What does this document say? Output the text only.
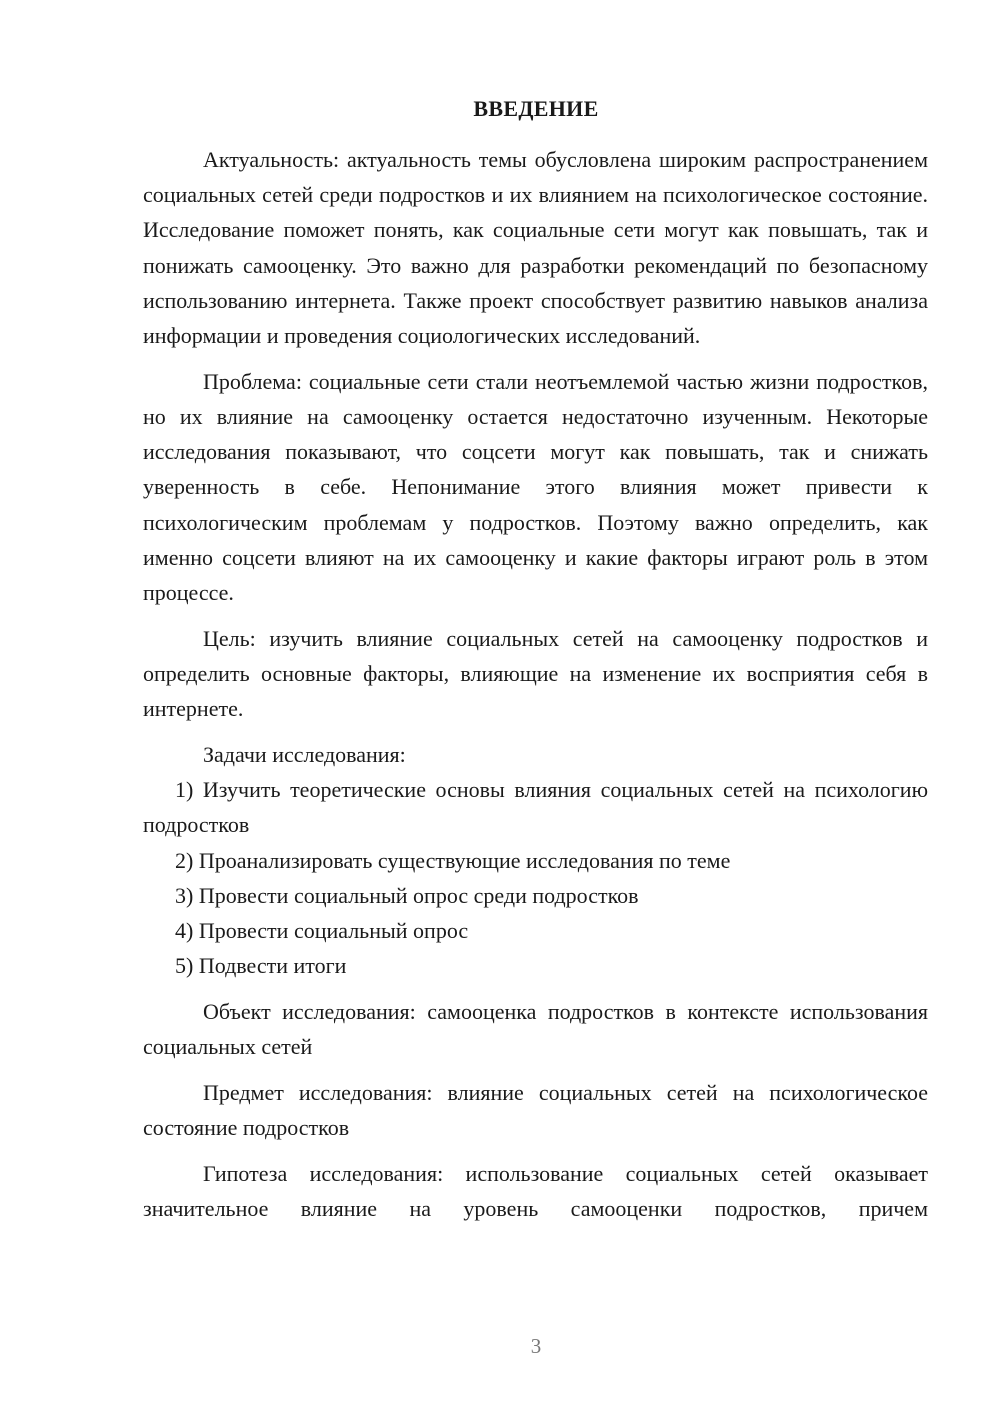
ВВЕДЕНИЕ

Актуальность: актуальность темы обусловлена широким распространением социальных сетей среди подростков и их влиянием на психологическое состояние. Исследование поможет понять, как социальные сети могут как повышать, так и понижать самооценку. Это важно для разработки рекомендаций по безопасному использованию интернета. Также проект способствует развитию навыков анализа информации и проведения социологических исследований.

Проблема: социальные сети стали неотъемлемой частью жизни подростков, но их влияние на самооценку остается недостаточно изученным. Некоторые исследования показывают, что соцсети могут как повышать, так и снижать уверенность в себе. Непонимание этого влияния может привести к психологическим проблемам у подростков. Поэтому важно определить, как именно соцсети влияют на их самооценку и какие факторы играют роль в этом процессе.

Цель: изучить влияние социальных сетей на самооценку подростков и определить основные факторы, влияющие на изменение их восприятия себя в интернете.

Задачи исследования:

1) Изучить теоретические основы влияния социальных сетей на психологию подростков

2) Проанализировать существующие исследования по теме

3) Провести социальный опрос среди подростков

4) Провести социальный опрос

5) Подвести итоги

Объект исследования: самооценка подростков в контексте использования социальных сетей

Предмет исследования: влияние социальных сетей на психологическое состояние подростков

Гипотеза исследования: использование социальных сетей оказывает значительное влияние на уровень самооценки подростков, причем

3
